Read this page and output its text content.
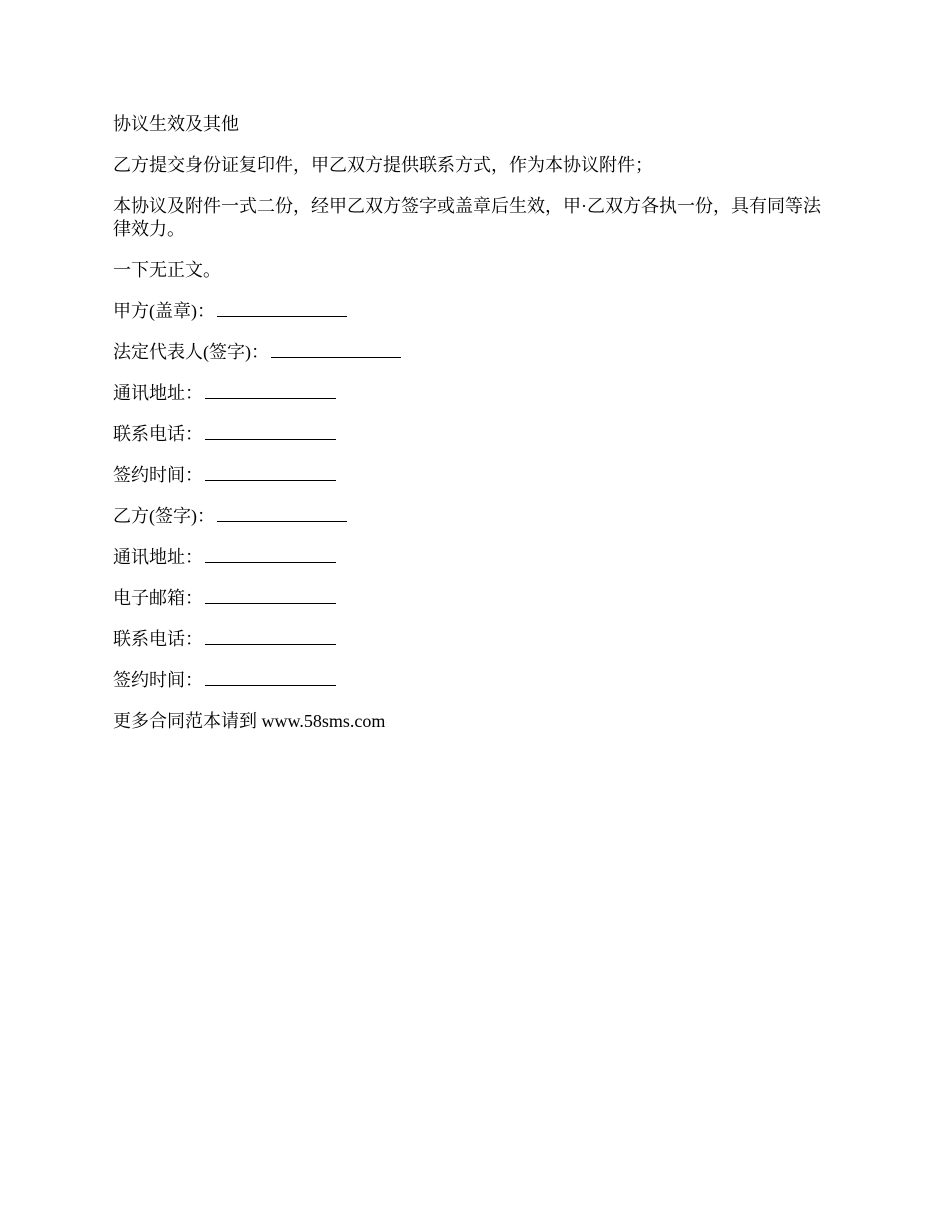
协议生效及其他

乙方提交身份证复印件，甲乙双方提供联系方式，作为本协议附件；

本协议及附件一式二份，经甲乙双方签字或盖章后生效，甲·乙双方各执一份，具有同等法律效力。

一下无正文。

甲方(盖章)：

法定代表人(签字)：

通讯地址：

联系电话：

签约时间：

乙方(签字)：

通讯地址：

电子邮箱：

联系电话：

签约时间：

更多合同范本请到 www.58sms.com
